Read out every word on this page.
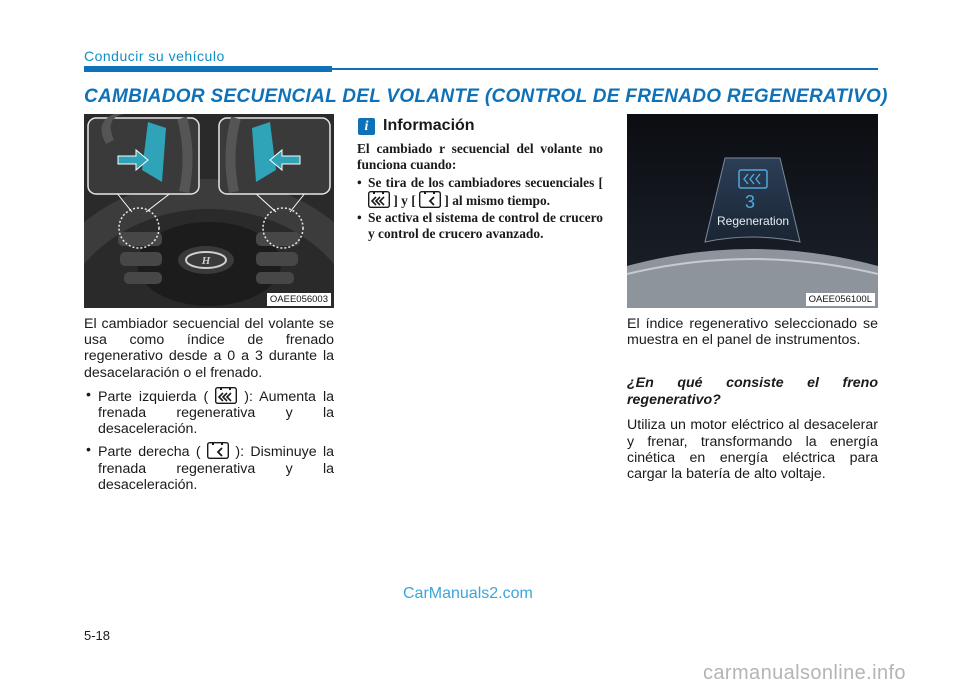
Conducir su vehículo
CAMBIADOR SECUENCIAL DEL VOLANTE (CONTROL DE FRENADO REGENERATIVO)
H
OAEE056003

El cambiador secuencial del volante se usa como índice de frenado regenerativo desde a 0 a 3 durante la desacelaración o el frenado.

• Parte izquierda (	): Aumenta la frenada regenerativa y la desaceleración.
• Parte derecha ( ): Disminuye la frenada regenerativa y la desaceleración.
i Información

El cambiado r secuencial del volante no funciona cuando:

• Se tira de los cambiadores secuenciales [  ] y [ ] al mismo tiempo.
• Se activa el sistema de control de crucero y control de crucero avanzado.
3
Regeneration
OAEE056100L

El índice regenerativo seleccionado se muestra en el panel de instrumentos.

¿En qué consiste el freno regenerativo?

Utiliza un motor eléctrico al desacelerar y frenar, transformando la energía cinética en energía eléctrica para cargar la batería de alto voltaje.

CarManuals2.com
5-18
carmanualsonline.info
